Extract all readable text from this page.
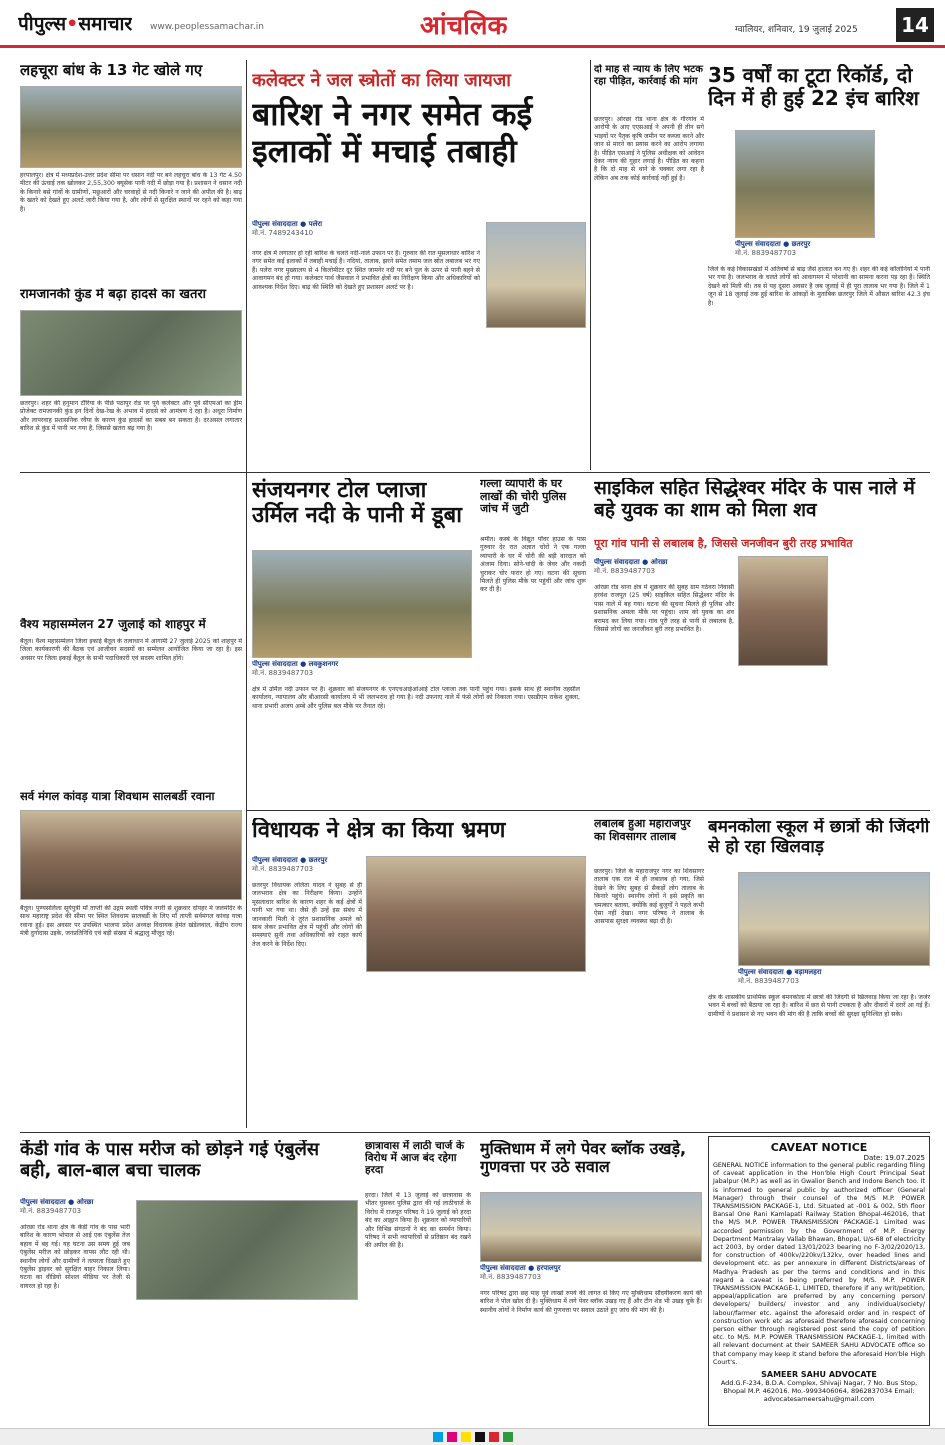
पीपुल्स•समाचार www.peoplessamachar.in	आंचलिक	ग्वालियर, शनिवार, 19 जुलाई 2025 14
लहचूरा बांध के 13 गेट खोले गए
हरपालपुर। क्षेत्र में मध्यप्रदेश-उत्तर प्रदेश सीमा पर धसान नदी पर बने लहचूरा बांध के 13 गेट 4.50 मीटर की ऊंचाई तक खोलकर 2,55,300 क्यूसेक पानी नदी में छोड़ा गया है। प्रशासन ने धसान नदी के किनारे बसे गांवों के ग्रामीणों, मछुआरों और चरवाहों से नदी किनारे न जाने की अपील की है। बाढ़ के खतरे को देखते हुए अलर्ट जारी किया गया है, और लोगों से सुरक्षित स्थानों पर रहने को कहा गया है।
रामजानकी कुंड में बढ़ा हादसे का खतरा
छतरपुर। शहर की हनुमान टौरिया के पीछे पठापुर रोड पर पूर्व कलेक्टर और पूर्व सीएमओ का ड्रीम प्रोजेक्ट रामजानकी कुंड इन दिनों देख-रेख के अभाव में हादसे को आमंत्रण दे रहा है। अधूरा निर्माण और लापरवाह प्रशासनिक रवैया के कारण कुंड हादसों का सबब बन सकता है। दरअसल लगातार बारिश से कुंड में पानी भर गया है, जिससे खतरा बढ़ गया है।
वैश्य महासम्मेलन 27 जुलाई को शाहपुर में
बैतूल। वैश्य महासम्मेलन जिला इकाई बैतूल के तत्वाधान में आगामी 27 जुलाई 2025 को शाहपुर में जिला कार्यकारणी की बैठक एवं आजीवन सदस्यों का सम्मेलन आयोजित किया जा रहा है। इस अवसर पर जिला इकाई बैतूल के सभी पदाधिकारी एवं सदस्य शामिल होंगे।
सर्व मंगल कांवड़ यात्रा शिवधाम सालबर्डी रवाना
बैतूल। पुण्यसलिला सूर्यपुत्री माँ ताप्ती की उद्गम स्थली पवित्र नगरी से शुक्रवार दोपहर में जलमंदिर के साथ महाराष्ट्र प्रदेश की सीमा पर स्थित शिवधाम सालबर्डी के लिए माँ ताप्ती सर्वमंगल कांवड़ यात्रा रवाना हुई। इस अवसर पर उपस्थित भाजपा प्रदेश अध्यक्ष विधायक हेमंत खंडेलवाल, केंद्रीय राज्य मंत्री दुर्गादास उइके, जनप्रतिनिधि एवं बड़ी संख्या में श्रद्धालु मौजूद रहे।
कलेक्टर ने जल स्त्रोतों का लिया जायजा
बारिश ने नगर समेत कई इलाकों में मचाई तबाही
पीपुल्स संवाददाता ● पलेरा
मो.नं. 7489243410
नगर क्षेत्र में लगातार हो रही बारिश के चलते नदी-नाले उफान पर हैं। गुरुवार की रात मूसलाधार बारिश ने नगर समेत कई इलाकों में तबाही मचाई है। नदियां, तालाब, झरने समेत तमाम जल स्रोत लबालब भर गए हैं। पलेरा नगर मुख्यालय से 4 किलोमीटर दूर स्थित जामनेर नदी पर बने पुल के ऊपर से पानी बहने से आवागमन बंद हो गया। कलेक्टर पार्थ जैसवाल ने प्रभावित क्षेत्रों का निरीक्षण किया और अधिकारियों को आवश्यक निर्देश दिए। बाढ़ की स्थिति को देखते हुए प्रशासन अलर्ट पर है।
दो माह से न्याय के लिए भटक रहा पीड़ित, कार्रवाई की मांग
छतरपुर। ओरछा रोड थाना क्षेत्र के गौरगांव में आरोपी के आए एएसआई ने अपनी ही तीन सगे भाइयों पर पैतृक कृषि जमीन पर कब्जा करने और जान से मारने का प्रयास करने का आरोप लगाया है। पीड़ित एसआई ने पुलिस अधीक्षक को आवेदन देकर न्याय की गुहार लगाई है। पीड़ित का कहना है कि दो माह से थाने के चक्कर लगा रहा है लेकिन अब तक कोई कार्रवाई नहीं हुई है।
35 वर्षों का टूटा रिकॉर्ड, दो दिन में ही हुई 22 इंच बारिश
पीपुल्स संवाददाता ● छतरपुर
मो.नं. 8839487703
जिले के कई विकासखंडों में अतिवर्षा से बाढ़ जैसे हालात बन गए हैं। शहर की कई कॉलोनियों में पानी भर गया है। जलभराव के चलते लोगों को आवागमन में परेशानी का सामना करना पड़ रहा है। स्थिति देखने को मिली थी। तब से यह दूसरा अवसर है जब जुलाई में ही पूरा तालाब भर गया है। जिले में 1 जून से 18 जुलाई तक हुई बारिश के आंकड़ों के मुताबिक छतरपुर जिले में औसत बारिश 42.3 इंच है।
संजयनगर टोल प्लाजा उर्मिल नदी के पानी में डूबा
पीपुल्स संवाददाता ● लवकुशनगर
मो.नं. 8839487703
क्षेत्र में उर्मिल नदी उफान पर है। शुक्रवार को संजयनगर के एनएचआईओआई टोल प्लाजा तक पानी पहुंच गया। इसके साथ ही स्थानीय तहसील कार्यालय, न्यायालय और बीआरसी कार्यालय में भी जलभराव हो गया है। नदी उफनाए नाले में फंसे लोगों को निकाला गया। एसडीएम राकेश शुक्ला, थाना प्रभारी अजय अम्बे और पुलिस बल मौके पर तैनात रहे।
गल्ला व्यापारी के घर लाखों की चोरी पुलिस जांच में जुटी
श्रमीत। कस्बे के विद्युत पॉवर हाउस के पास गुरुवार देर रात अज्ञात चोरों ने एक गल्ला व्यापारी के घर में चोरी की बड़ी वारदात को अंजाम दिया। सोने-चांदी के जेवर और नकदी चुराकर चोर फरार हो गए। घटना की सूचना मिलते ही पुलिस मौके पर पहुंची और जांच शुरू कर दी है।
साइकिल सहित सिद्धेश्वर मंदिर के पास नाले में बहे युवक का शाम को मिला शव
पूरा गांव पानी से लबालब है, जिससे जनजीवन बुरी तरह प्रभावित
पीपुल्स संवाददाता ● ओरछा
मो.नं. 8839487703
ओरछा रोड थाना क्षेत्र में शुक्रवार की सुबह ग्राम गठेवरा निवासी हरवंश राजपूत (25 वर्ष) साइकिल सहित सिद्धेश्वर मंदिर के पास नाले में बह गया। घटना की सूचना मिलते ही पुलिस और प्रशासनिक अमला मौके पर पहुंचा। शाम को युवक का शव बरामद कर लिया गया। गांव पूरी तरह से पानी से लबालब है, जिससे लोगों का जनजीवन बुरी तरह प्रभावित है।
विधायक ने क्षेत्र का किया भ्रमण
पीपुल्स संवाददाता ● छतरपुर
मो.नं. 8839487703
छतरपुर विधायक ललिता यादव ने सुबह से ही जलभराव क्षेत्र का निरीक्षण किया। उन्होंने मूसलाधार बारिश के कारण शहर के कई क्षेत्रों में पानी भर गया था। जैसे ही उन्हें इस संबंध में जानकारी मिली वे तुरंत प्रशासनिक अमले को साथ लेकर प्रभावित क्षेत्र में पहुंचीं और लोगों की समस्याएं सुनीं तथा अधिकारियों को राहत कार्य तेज करने के निर्देश दिए।
लबालब हुआ महाराजपुर का शिवसागर तालाब
छतरपुर। जिले के महाराजपुर नगर का शिवसागर तालाब एक रात में ही लबालब हो गया, जिसे देखने के लिए सुबह से सैकड़ों लोग तालाब के किनारे पहुंचे। स्थानीय लोगों ने इसे प्रकृति का चमत्कार बताया, क्योंकि कई बुजुर्गों ने पहले कभी ऐसा नहीं देखा। नगर परिषद ने तालाब के आसपास सुरक्षा व्यवस्था बढ़ा दी है।
बमनकोला स्कूल में छात्रों की जिंदगी से हो रहा खिलवाड़
पीपुल्स संवाददाता ● बड़ामलहरा
मो.नं. 8839487703
क्षेत्र के शासकीय प्राथमिक स्कूल बमनकोला में छात्रों की जिंदगी से खिलवाड़ किया जा रहा है। जर्जर भवन में बच्चों को बैठाया जा रहा है। बारिश में छत से पानी टपकता है और दीवारों में दरारें आ गई हैं। ग्रामीणों ने प्रशासन से नए भवन की मांग की है ताकि बच्चों की सुरक्षा सुनिश्चित हो सके।
केंडी गांव के पास मरीज को छोड़ने गई एंबुलेंस बही, बाल-बाल बचा चालक
पीपुल्स संवाददाता ● ओरछा
मो.नं. 8839487703
ओरछा रोड थाना क्षेत्र के केंडी गांव के पास भारी बारिश के कारण भोपाल से आई एक एंबुलेंस तेज बहाव में बह गई। यह घटना उस समय हुई जब एंबुलेंस मरीज को छोड़कर वापस लौट रही थी। स्थानीय लोगों और ग्रामीणों ने तत्परता दिखाते हुए एंबुलेंस ड्राइवर को सुरक्षित बाहर निकाल लिया। घटना का वीडियो सोशल मीडिया पर तेजी से वायरल हो रहा है।
छात्रावास में लाठी चार्ज के विरोध में आज बंद रहेगा हरदा
हरदा। जिले में 13 जुलाई को छात्रावास के भीतर घुसकर पुलिस द्वारा की गई लाठीचार्ज के विरोध में राजपूत परिषद ने 19 जुलाई को हरदा बंद का आह्वान किया है। शुक्रवार को व्यापारियों और विभिन्न संगठनों ने बंद का समर्थन किया। परिषद ने सभी व्यापारियों से प्रतिष्ठान बंद रखने की अपील की है।
मुक्तिधाम में लगे पेवर ब्लॉक उखड़े, गुणवत्ता पर उठे सवाल
पीपुल्स संवाददाता ● हरपालपुर
मो.नं. 8839487703
नगर परिषद द्वारा छह माह पूर्व लाखों रुपये की लागत से किए गए मुक्तिधाम सौंदर्यीकरण कार्य की बारिश ने पोल खोल दी है। मुक्तिधाम में लगे पेवर ब्लॉक उखड़ गए हैं और टीन शेड भी उखड़ चुके हैं। स्थानीय लोगों ने निर्माण कार्य की गुणवत्ता पर सवाल उठाते हुए जांच की मांग की है।
CAVEAT NOTICE
Date: 19.07.2025
GENERAL NOTICE information to the general public regarding filing of caveat application in the Hon'ble High Court Principal Seat Jabalpur (M.P.) as well as in Gwalior Bench and Indore Bench too. It is informed to general public by authorized officer (General Manager) through their counsel of the M/S M.P. POWER TRANSMISSION PACKAGE-1, Ltd. Situated at -001 & 002, 5th floor Bansal One Rani Kamlapati Railway Station Bhopal-462016, that the M/S M.P. POWER TRANSMISSION PACKAGE-1 Limited was accorded permission by the Government of M.P. Energy Department Mantralay Vallab Bhawan, Bhopal, U/s-68 of electricity act 2003, by order dated 13/01/2023 bearing no F-3/02/2020/13, for construction of 400kv/220kv/132kv, over headed lines and development etc. as per annexure in different Districts/areas of Madhya Pradesh as per the terms and conditions and in this regard a caveat is being preferred by M/S. M.P. POWER TRANSMISSION PACKAGE-1, LIMITED, therefore if any writ/petition, appeal/application are preferred by any concerning person/ developers/ builders/ investor and any individual/society/ labour/farmer etc. against the aforesaid order and in respect of construction work etc as aforesaid therefore aforesaid concerning person either through registered post send the copy of petition etc. to M/S. M.P. POWER TRANSMISSION PACKAGE-1, limited with all relevant document at their SAMEER SAHU ADVOCATE office so that company may keep it stand before the aforesaid Hon'ble High Court's.
SAMEER SAHU ADVOCATE
Add.G.F-234, B.D.A. Complex, Shivaji Nagar, 7 No. Bus Stop, Bhopal M.P. 462016. Mo.-9993406064, 8962837034 Email: advocatesameersahu@gmail.com
